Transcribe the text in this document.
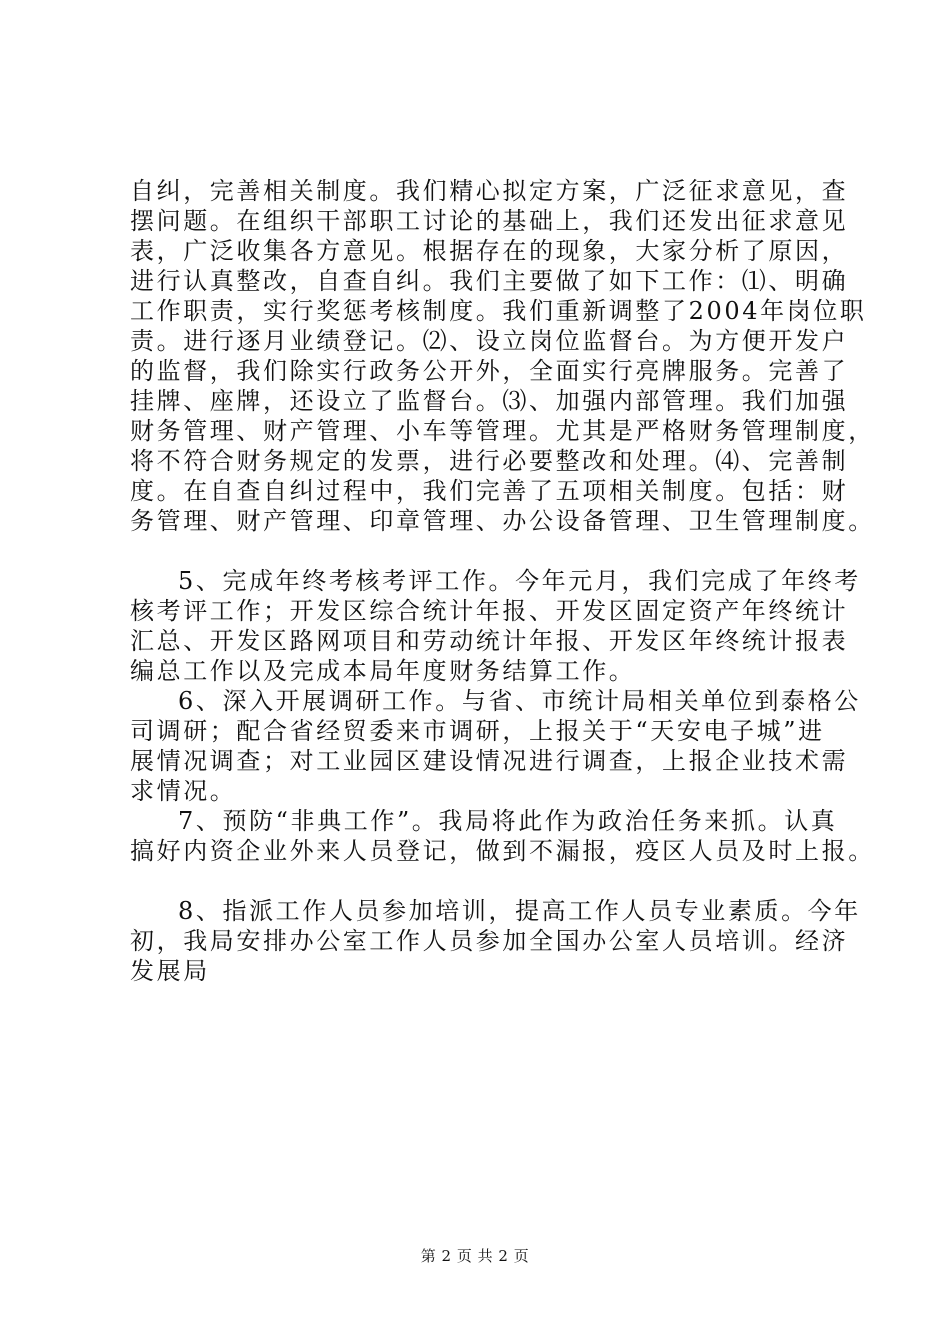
自纠，完善相关制度。我们精心拟定方案，广泛征求意见，查
摆问题。在组织干部职工讨论的基础上，我们还发出征求意见
表，广泛收集各方意见。根据存在的现象，大家分析了原因，
进行认真整改，自查自纠。我们主要做了如下工作：⑴、明确
工作职责，实行奖惩考核制度。我们重新调整了2004年岗位职
责。进行逐月业绩登记。⑵、设立岗位监督台。为方便开发户
的监督，我们除实行政务公开外，全面实行亮牌服务。完善了
挂牌、座牌，还设立了监督台。⑶、加强内部管理。我们加强
财务管理、财产管理、小车等管理。尤其是严格财务管理制度，
将不符合财务规定的发票，进行必要整改和处理。⑷、完善制
度。在自查自纠过程中，我们完善了五项相关制度。包括：财
务管理、财产管理、印章管理、办公设备管理、卫生管理制度。
5、完成年终考核考评工作。今年元月，我们完成了年终考
核考评工作；开发区综合统计年报、开发区固定资产年终统计
汇总、开发区路网项目和劳动统计年报、开发区年终统计报表
编总工作以及完成本局年度财务结算工作。
6、深入开展调研工作。与省、市统计局相关单位到泰格公
司调研；配合省经贸委来市调研，上报关于“天安电子城”进
展情况调查；对工业园区建设情况进行调查，上报企业技术需
求情况。
7、预防“非典工作”。我局将此作为政治任务来抓。认真
搞好内资企业外来人员登记，做到不漏报，疫区人员及时上报。
8、指派工作人员参加培训，提高工作人员专业素质。今年
初，我局安排办公室工作人员参加全国办公室人员培训。经济
发展局
第 2 页 共 2 页
